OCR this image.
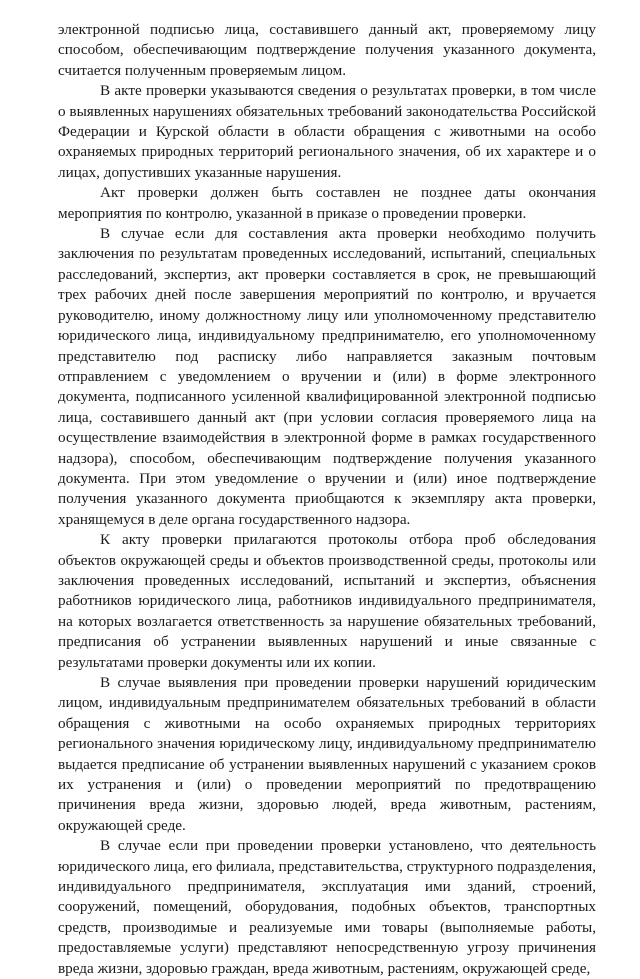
электронной подписью лица, составившего данный акт, проверяемому лицу способом, обеспечивающим подтверждение получения указанного документа, считается полученным проверяемым лицом.

В акте проверки указываются сведения о результатах проверки, в том числе о выявленных нарушениях обязательных требований законодательства Российской Федерации и Курской области в области обращения с животными на особо охраняемых природных территорий регионального значения, об их характере и о лицах, допустивших указанные нарушения.

Акт проверки должен быть составлен не позднее даты окончания мероприятия по контролю, указанной в приказе о проведении проверки.

В случае если для составления акта проверки необходимо получить заключения по результатам проведенных исследований, испытаний, специальных расследований, экспертиз, акт проверки составляется в срок, не превышающий трех рабочих дней после завершения мероприятий по контролю, и вручается руководителю, иному должностному лицу или уполномоченному представителю юридического лица, индивидуальному предпринимателю, его уполномоченному представителю под расписку либо направляется заказным почтовым отправлением с уведомлением о вручении и (или) в форме электронного документа, подписанного усиленной квалифицированной электронной подписью лица, составившего данный акт (при условии согласия проверяемого лица на осуществление взаимодействия в электронной форме в рамках государственного надзора), способом, обеспечивающим подтверждение получения указанного документа. При этом уведомление о вручении и (или) иное подтверждение получения указанного документа приобщаются к экземпляру акта проверки, хранящемуся в деле органа государственного надзора.

К акту проверки прилагаются протоколы отбора проб обследования объектов окружающей среды и объектов производственной среды, протоколы или заключения проведенных исследований, испытаний и экспертиз, объяснения работников юридического лица, работников индивидуального предпринимателя, на которых возлагается ответственность за нарушение обязательных требований, предписания об устранении выявленных нарушений и иные связанные с результатами проверки документы или их копии.

В случае выявления при проведении проверки нарушений юридическим лицом, индивидуальным предпринимателем обязательных требований в области обращения с животными на особо охраняемых природных территориях регионального значения юридическому лицу, индивидуальному предпринимателю выдается предписание об устранении выявленных нарушений с указанием сроков их устранения и (или) о проведении мероприятий по предотвращению причинения вреда жизни, здоровью людей, вреда животным, растениям, окружающей среде.

В случае если при проведении проверки установлено, что деятельность юридического лица, его филиала, представительства, структурного подразделения, индивидуального предпринимателя, эксплуатация ими зданий, строений, сооружений, помещений, оборудования, подобных объектов, транспортных средств, производимые и реализуемые ими товары (выполняемые работы, предоставляемые услуги) представляют непосредственную угрозу причинения вреда жизни, здоровью граждан, вреда животным, растениям, окружающей среде,
